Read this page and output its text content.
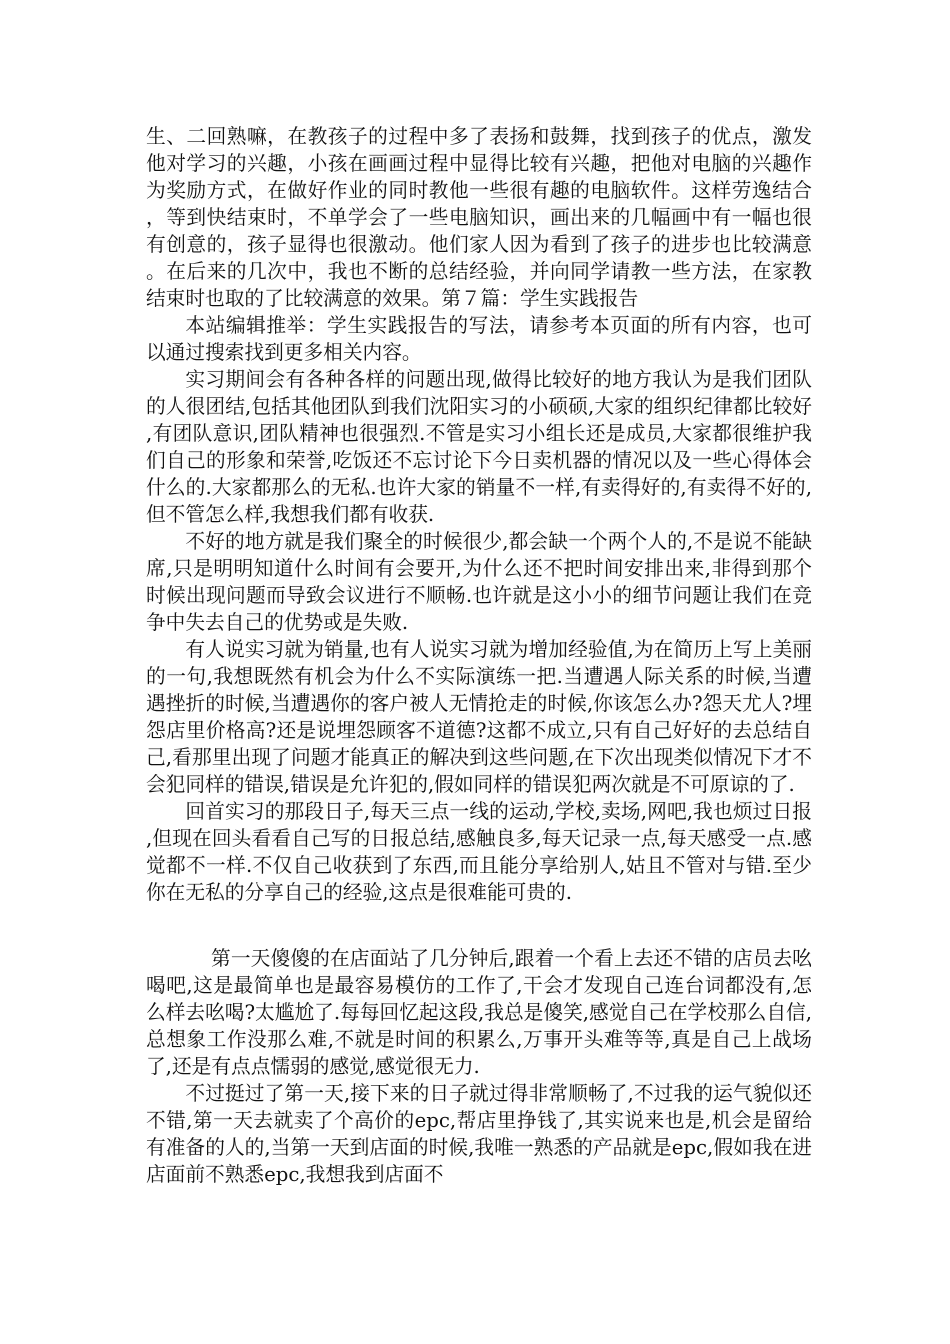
生、二回熟嘛，在教孩子的过程中多了表扬和鼓舞，找到孩子的优点，激发他对学习的兴趣，小孩在画画过程中显得比较有兴趣，把他对电脑的兴趣作为奖励方式，在做好作业的同时教他一些很有趣的电脑软件。这样劳逸结合，等到快结束时，不单学会了一些电脑知识，画出来的几幅画中有一幅也很有创意的，孩子显得也很激动。他们家人因为看到了孩子的进步也比较满意。在后来的几次中，我也不断的总结经验，并向同学请教一些方法，在家教结束时也取的了比较满意的效果。第７篇：学生实践报告

本站编辑推举：学生实践报告的写法，请参考本页面的所有内容，也可以通过搜索找到更多相关内容。

实习期间会有各种各样的问题出现,做得比较好的地方我认为是我们团队的人很团结,包括其他团队到我们沈阳实习的小硕硕,大家的组织纪律都比较好,有团队意识,团队精神也很强烈.不管是实习小组长还是成员,大家都很维护我们自己的形象和荣誉,吃饭还不忘讨论下今日卖机器的情况以及一些心得体会什么的.大家都那么的无私.也许大家的销量不一样,有卖得好的,有卖得不好的,但不管怎么样,我想我们都有收获.

不好的地方就是我们聚全的时候很少,都会缺一个两个人的,不是说不能缺席,只是明明知道什么时间有会要开,为什么还不把时间安排出来,非得到那个时候出现问题而导致会议进行不顺畅.也许就是这小小的细节问题让我们在竞争中失去自己的优势或是失败.

有人说实习就为销量,也有人说实习就为增加经验值,为在简历上写上美丽的一句,我想既然有机会为什么不实际演练一把.当遭遇人际关系的时候,当遭遇挫折的时候,当遭遇你的客户被人无情抢走的时候,你该怎么办?怨天尤人?埋怨店里价格高?还是说埋怨顾客不道德?这都不成立,只有自己好好的去总结自己,看那里出现了问题才能真正的解决到这些问题,在下次出现类似情况下才不会犯同样的错误,错误是允许犯的,假如同样的错误犯两次就是不可原谅的了.

回首实习的那段日子,每天三点一线的运动,学校,卖场,网吧,我也烦过日报,但现在回头看看自己写的日报总结,感触良多,每天记录一点,每天感受一点.感觉都不一样.不仅自己收获到了东西,而且能分享给别人,姑且不管对与错.至少你在无私的分享自己的经验,这点是很难能可贵的.

第一天傻傻的在店面站了几分钟后,跟着一个看上去还不错的店员去吆喝吧,这是最简单也是最容易模仿的工作了,干会才发现自己连台词都没有,怎么样去吆喝?太尴尬了.每每回忆起这段,我总是傻笑,感觉自己在学校那么自信,总想象工作没那么难,不就是时间的积累么,万事开头难等等,真是自己上战场了,还是有点点懦弱的感觉,感觉很无力.

不过挺过了第一天,接下来的日子就过得非常顺畅了,不过我的运气貌似还不错,第一天去就卖了个高价的epc,帮店里挣钱了,其实说来也是,机会是留给有准备的人的,当第一天到店面的时候,我唯一熟悉的产品就是epc,假如我在进店面前不熟悉epc,我想我到店面不
